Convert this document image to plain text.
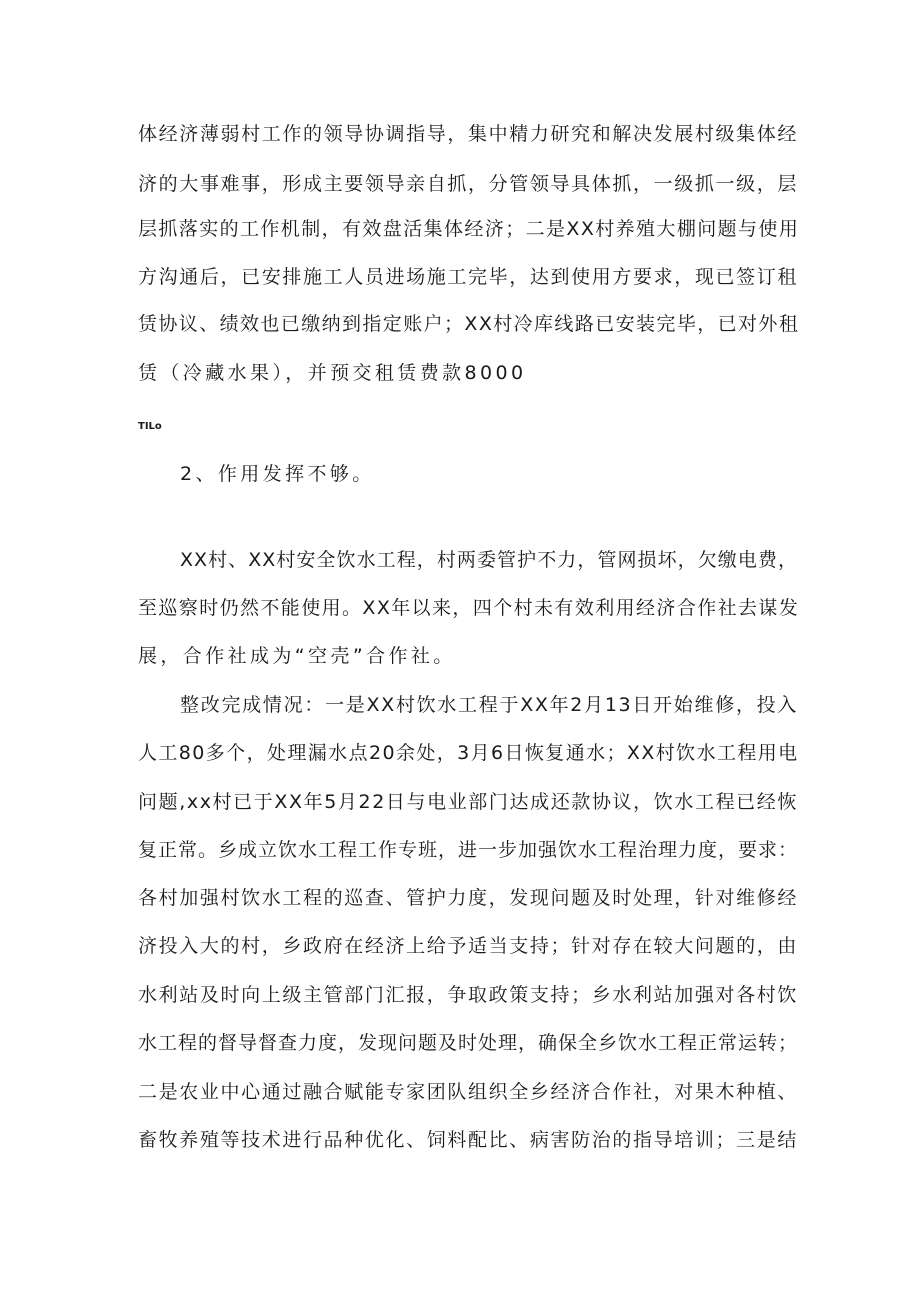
体经济薄弱村工作的领导协调指导，集中精力研究和解决发展村级集体经
济的大事难事，形成主要领导亲自抓，分管领导具体抓，一级抓一级，层
层抓落实的工作机制，有效盘活集体经济；二是XX村养殖大棚问题与使用
方沟通后，已安排施工人员进场施工完毕，达到使用方要求，现已签订租
赁协议、绩效也已缴纳到指定账户；XX村冷库线路已安装完毕，已对外租
赁（冷藏水果），并预交租赁费款8000
TILo
2、作用发挥不够。
XX村、XX村安全饮水工程，村两委管护不力，管网损坏，欠缴电费，
至巡察时仍然不能使用。XX年以来，四个村未有效利用经济合作社去谋发
展，合作社成为“空壳”合作社。
整改完成情况：一是XX村饮水工程于XX年2月13日开始维修，投入
人工80多个，处理漏水点20余处，3月6日恢复通水；XX村饮水工程用电
问题,xx村已于XX年5月22日与电业部门达成还款协议，饮水工程已经恢
复正常。乡成立饮水工程工作专班，进一步加强饮水工程治理力度，要求：
各村加强村饮水工程的巡查、管护力度，发现问题及时处理，针对维修经
济投入大的村，乡政府在经济上给予适当支持；针对存在较大问题的，由
水利站及时向上级主管部门汇报，争取政策支持；乡水利站加强对各村饮
水工程的督导督查力度，发现问题及时处理，确保全乡饮水工程正常运转；
二是农业中心通过融合赋能专家团队组织全乡经济合作社，对果木种植、
畜牧养殖等技术进行品种优化、饲料配比、病害防治的指导培训；三是结
